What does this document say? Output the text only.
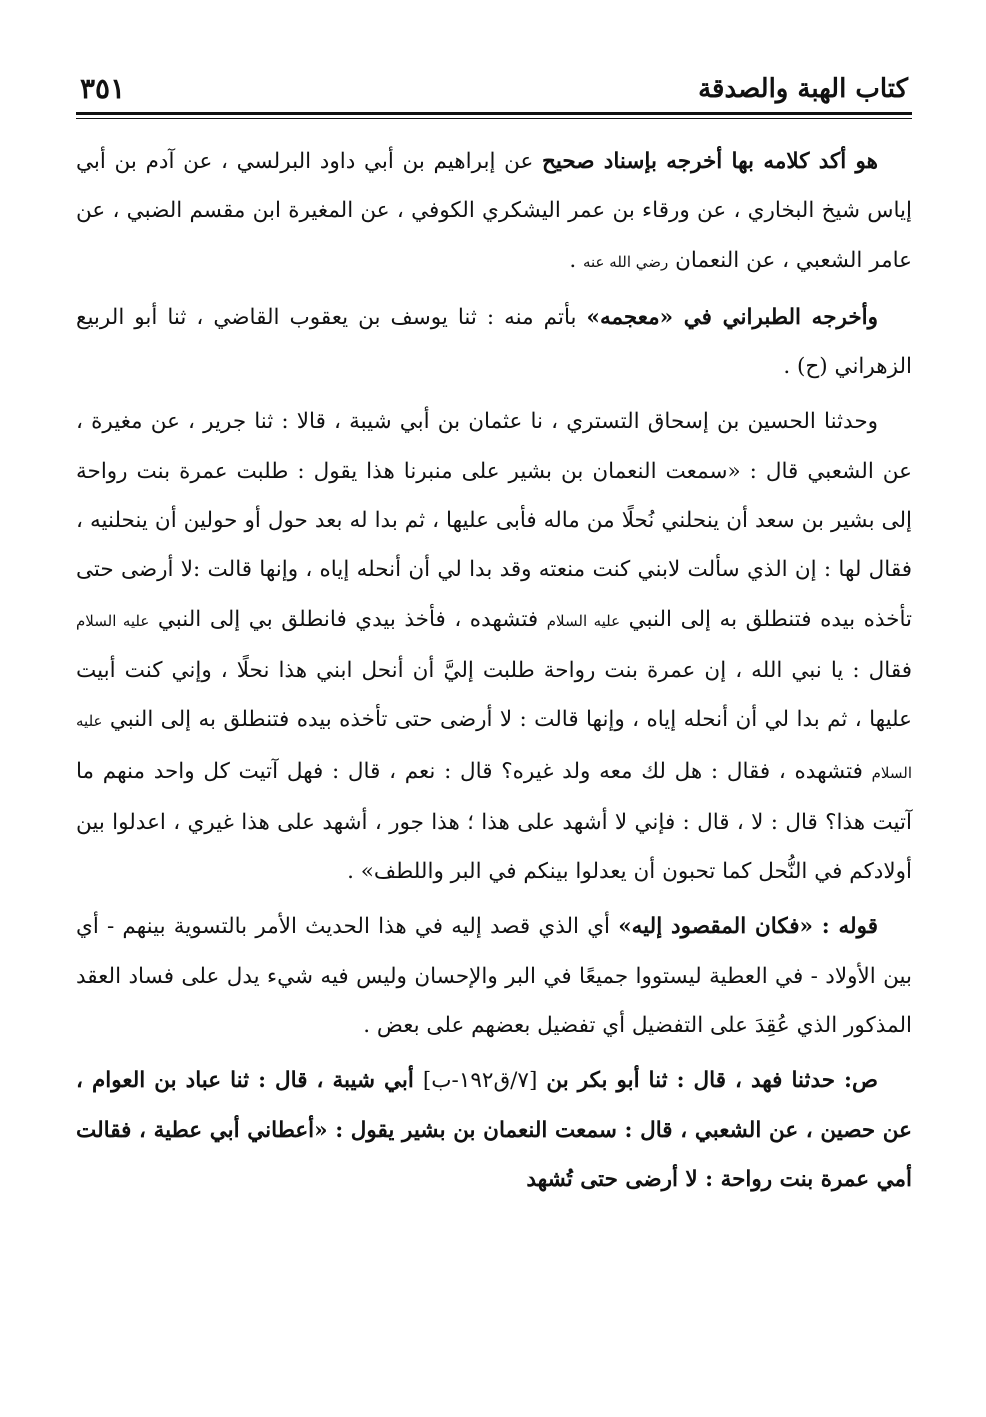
كتاب الهبة والصدقة
٣٥١

هو أكد كلامه بها أخرجه بإسناد صحيح عن إبراهيم بن أبي داود البرلسي ، عن آدم بن أبي إياس شيخ البخاري ، عن ورقاء بن عمر اليشكري الكوفي ، عن المغيرة ابن مقسم الضبي ، عن عامر الشعبي ، عن النعمان رضي الله عنه .

وأخرجه الطبراني في «معجمه» بأتم منه : ثنا يوسف بن يعقوب القاضي ، ثنا أبو الربيع الزهراني (ح) .

وحدثنا الحسين بن إسحاق التستري ، نا عثمان بن أبي شيبة ، قالا : ثنا جرير ، عن مغيرة ، عن الشعبي قال : «سمعت النعمان بن بشير على منبرنا هذا يقول : طلبت عمرة بنت رواحة إلى بشير بن سعد أن ينحلني نُحلًا من ماله فأبى عليها ، ثم بدا له بعد حول أو حولين أن ينحلنيه ، فقال لها : إن الذي سألت لابني كنت منعته وقد بدا لي أن أنحله إياه ، وإنها قالت :لا أرضى حتى تأخذه بيده فتنطلق به إلى النبي عليه السلام فتشهده ، فأخذ بيدي فانطلق بي إلى النبي عليه السلام فقال : يا نبي الله ، إن عمرة بنت رواحة طلبت إليَّ أن أنحل ابني هذا نحلًا ، وإني كنت أبيت عليها ، ثم بدا لي أن أنحله إياه ، وإنها قالت : لا أرضى حتى تأخذه بيده فتنطلق به إلى النبي عليه السلام فتشهده ، فقال : هل لك معه ولد غيره؟ قال : نعم ، قال : فهل آتيت كل واحد منهم ما آتيت هذا؟ قال : لا ، قال : فإني لا أشهد على هذا ؛ هذا جور ، أشهد على هذا غيري ، اعدلوا بين أولادكم في النُّحل كما تحبون أن يعدلوا بينكم في البر واللطف» .

قوله : «فكان المقصود إليه» أي الذي قصد إليه في هذا الحديث الأمر بالتسوية بينهم - أي بين الأولاد - في العطية ليستووا جميعًا في البر والإحسان وليس فيه شيء يدل على فساد العقد المذكور الذي عُقِدَ على التفضيل أي تفضيل بعضهم على بعض .

ص: حدثنا فهد ، قال : ثنا أبو بكر بن [٧/ق١٩٢-ب] أبي شيبة ، قال : ثنا عباد بن العوام ، عن حصين ، عن الشعبي ، قال : سمعت النعمان بن بشير يقول : «أعطاني أبي عطية ، فقالت أمي عمرة بنت رواحة : لا أرضى حتى تُشهد
